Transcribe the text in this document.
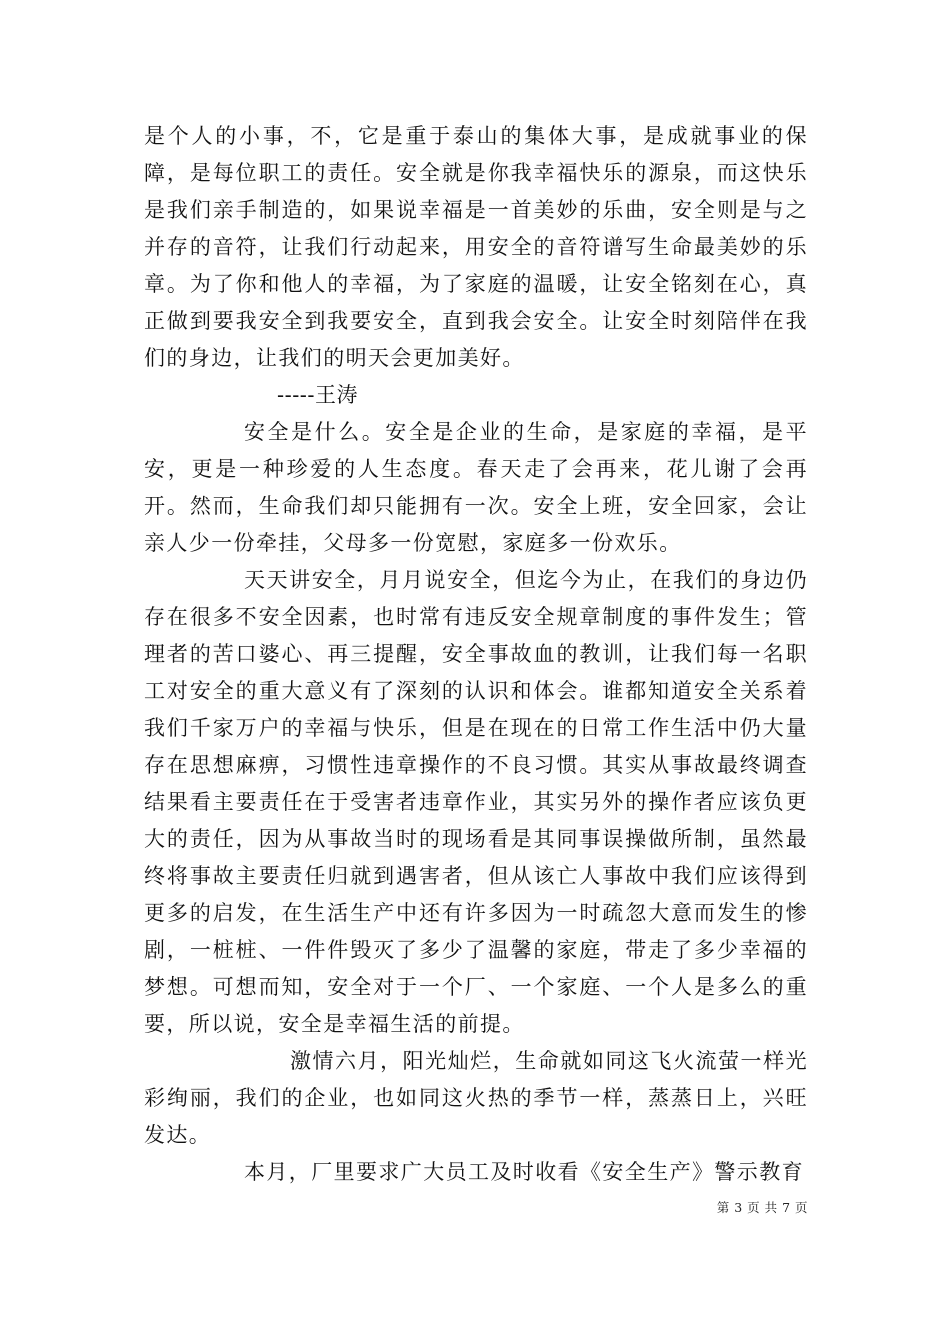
是个人的小事，不，它是重于泰山的集体大事，是成就事业的保障，是每位职工的责任。安全就是你我幸福快乐的源泉，而这快乐是我们亲手制造的，如果说幸福是一首美妙的乐曲，安全则是与之并存的音符，让我们行动起来，用安全的音符谱写生命最美妙的乐章。为了你和他人的幸福，为了家庭的温暖，让安全铭刻在心，真正做到要我安全到我要安全，直到我会安全。让安全时刻陪伴在我们的身边，让我们的明天会更加美好。

-----王涛

安全是什么。安全是企业的生命，是家庭的幸福，是平安，更是一种珍爱的人生态度。春天走了会再来，花儿谢了会再开。然而，生命我们却只能拥有一次。安全上班，安全回家，会让亲人少一份牵挂，父母多一份宽慰，家庭多一份欢乐。

天天讲安全，月月说安全，但迄今为止，在我们的身边仍存在很多不安全因素，也时常有违反安全规章制度的事件发生；管理者的苦口婆心、再三提醒，安全事故血的教训，让我们每一名职工对安全的重大意义有了深刻的认识和体会。谁都知道安全关系着我们千家万户的幸福与快乐，但是在现在的日常工作生活中仍大量存在思想麻痹，习惯性违章操作的不良习惯。其实从事故最终调查结果看主要责任在于受害者违章作业，其实另外的操作者应该负更大的责任，因为从事故当时的现场看是其同事误操做所制，虽然最终将事故主要责任归就到遇害者，但从该亡人事故中我们应该得到更多的启发，在生活生产中还有许多因为一时疏忽大意而发生的惨剧，一桩桩、一件件毁灭了多少了温馨的家庭，带走了多少幸福的梦想。可想而知，安全对于一个厂、一个家庭、一个人是多么的重要，所以说，安全是幸福生活的前提。

激情六月，阳光灿烂，生命就如同这飞火流萤一样光彩绚丽，我们的企业，也如同这火热的季节一样，蒸蒸日上，兴旺发达。

本月，厂里要求广大员工及时收看《安全生产》警示教育

第 3 页 共 7 页
